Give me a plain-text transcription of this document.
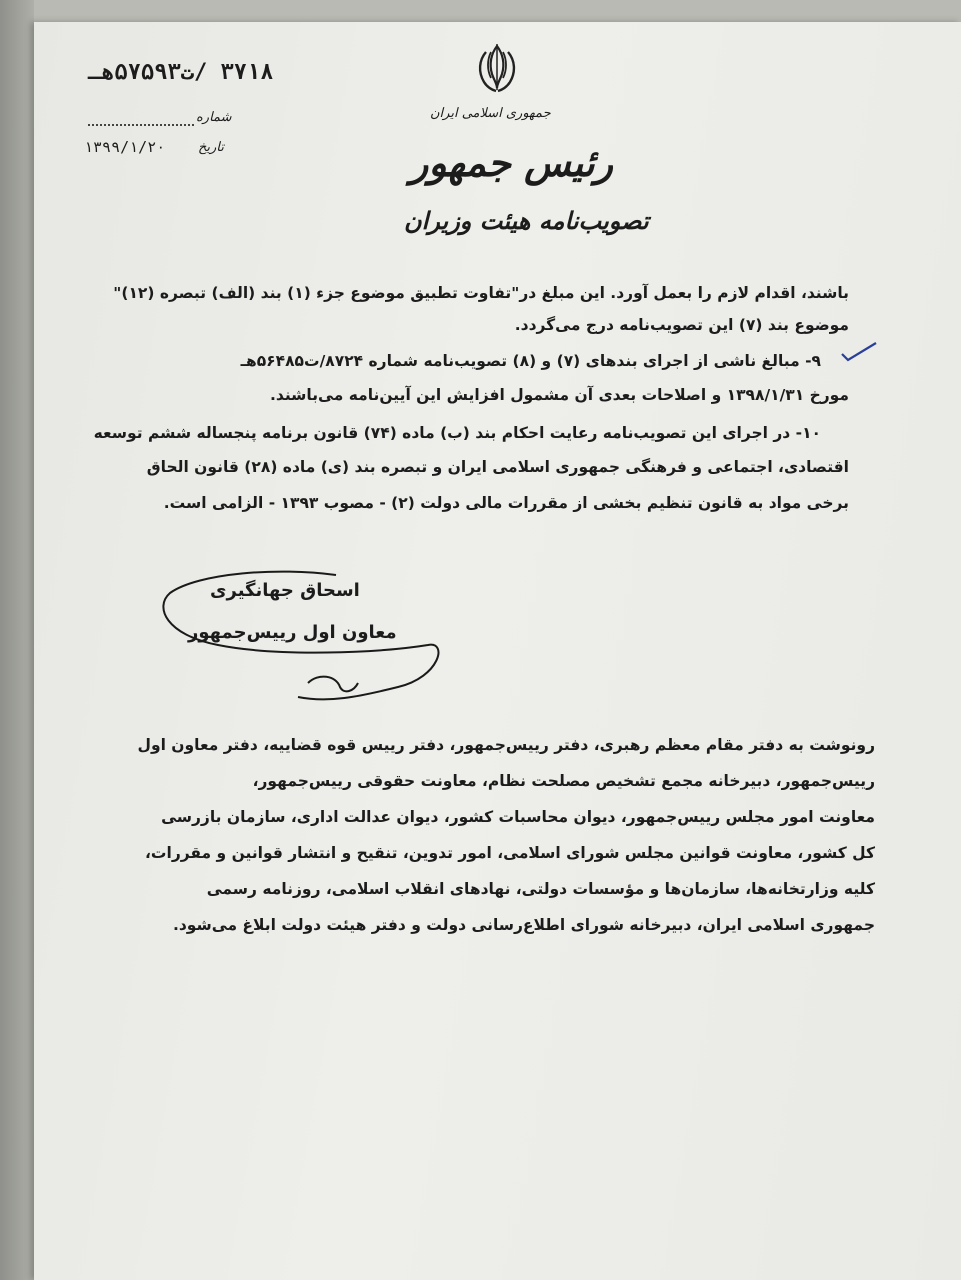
جمهوری اسلامی ایران
رئیس جمهور
تصویب‌نامه هیئت وزیران
۳۷۱۸ /ت۵۷۵۹۳هـ
شماره
تاریخ
۱۳۹۹/۱/۲۰
باشند، اقدام لازم را بعمل آورد. این مبلغ در"تفاوت تطبیق موضوع جزء (۱) بند (الف) تبصره (۱۲)"
موضوع بند (۷) این تصویب‌نامه درج می‌گردد.
۹- مبالغ ناشی از اجرای بندهای (۷) و (۸) تصویب‌نامه شماره ۸۷۲۴/ت۵۶۴۸۵هـ
مورخ ۱۳۹۸/۱/۳۱ و اصلاحات بعدی آن مشمول افزایش این آیین‌نامه می‌باشند.
۱۰- در اجرای این تصویب‌نامه رعایت احکام بند (ب) ماده (۷۴) قانون برنامه پنجساله ششم توسعه
اقتصادی، اجتماعی و فرهنگی جمهوری اسلامی ایران و تبصره بند (ی) ماده (۲۸) قانون الحاق
برخی مواد به قانون تنظیم بخشی از مقررات مالی دولت (۲) - مصوب ۱۳۹۳ - الزامی است.
اسحاق جهانگیری
معاون اول رییس‌جمهور
رونوشت به دفتر مقام معظم رهبری، دفتر رییس‌جمهور، دفتر رییس قوه قضاییه، دفتر معاون اول
رییس‌جمهور، دبیرخانه مجمع تشخیص مصلحت نظام، معاونت حقوقی رییس‌جمهور،
معاونت امور مجلس رییس‌جمهور، دیوان محاسبات کشور، دیوان عدالت اداری، سازمان بازرسی
کل کشور، معاونت قوانین مجلس شورای اسلامی، امور تدوین، تنقیح و انتشار قوانین و مقررات،
کلیه وزارتخانه‌ها، سازمان‌ها و مؤسسات دولتی، نهادهای انقلاب اسلامی، روزنامه رسمی
جمهوری اسلامی ایران، دبیرخانه شورای اطلاع‌رسانی دولت و دفتر هیئت دولت ابلاغ می‌شود.
